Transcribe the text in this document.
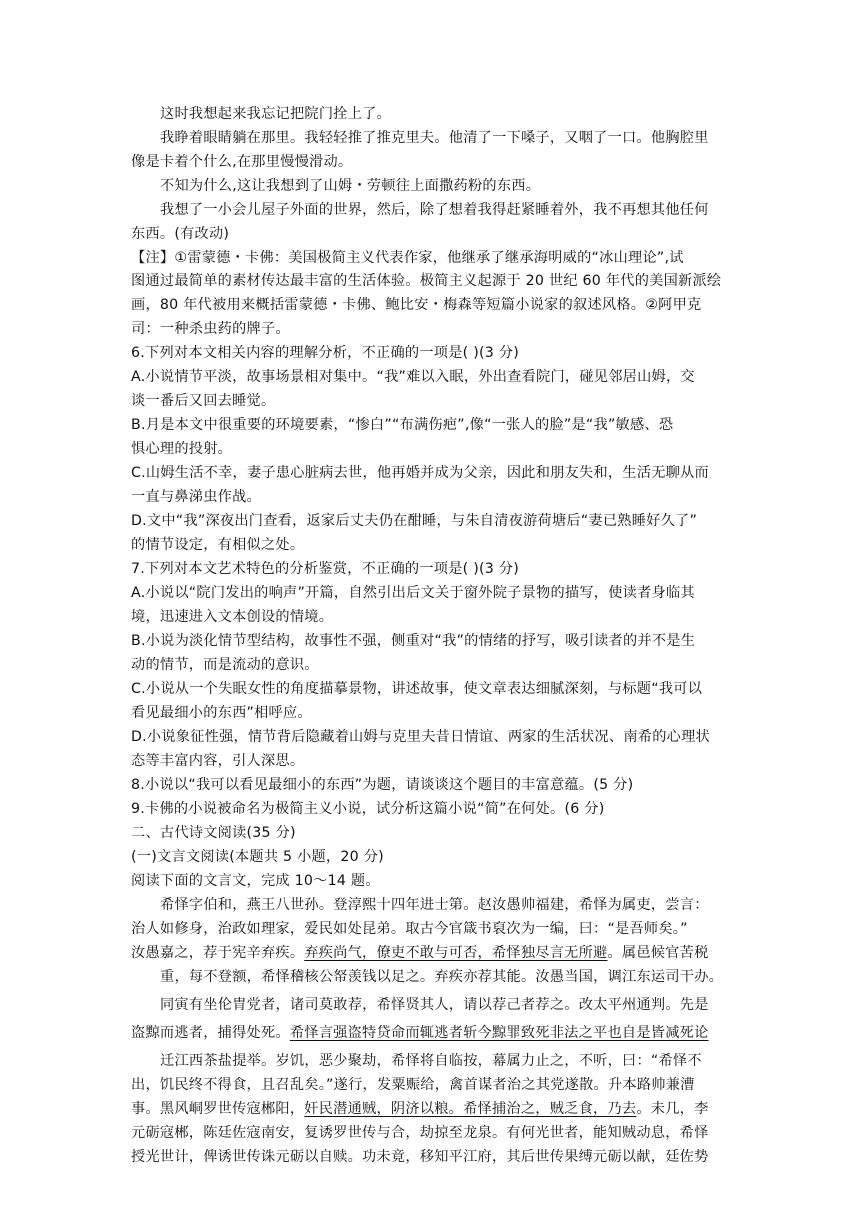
这时我想起来我忘记把院门拴上了。
我睁着眼睛躺在那里。我轻轻推了推克里夫。他清了一下嗓子，又咽了一口。他胸腔里
像是卡着个什么,在那里慢慢滑动。
不知为什么,这让我想到了山姆・劳顿往上面撒药粉的东西。
我想了一小会儿屋子外面的世界，然后，除了想着我得赶紧睡着外，我不再想其他任何
东西。(有改动)
【注】①雷蒙德・卡佛：美国极简主义代表作家，他继承了继承海明威的“冰山理论”,试
图通过最简单的素材传达最丰富的生活体验。极简主义起源于 20 世纪 60 年代的美国新派绘
画，80 年代被用来概括雷蒙德・卡佛、鲍比安・梅森等短篇小说家的叙述风格。②阿甲克
司：一种杀虫药的牌子。
6.下列对本文相关内容的理解分析，不正确的一项是( )(3 分)
A.小说情节平淡，故事场景相对集中。“我”难以入眠，外出查看院门，碰见邻居山姆，交
谈一番后又回去睡觉。
B.月是本文中很重要的环境要素，“惨白”“布满伤疤”,像“一张人的脸”是“我”敏感、恐
惧心理的投射。
C.山姆生活不幸，妻子患心脏病去世，他再婚并成为父亲，因此和朋友失和，生活无聊从而
一直与鼻涕虫作战。
D.文中“我”深夜出门查看，返家后丈夫仍在酣睡，与朱自清夜游荷塘后“妻已熟睡好久了”
的情节设定，有相似之处。
7.下列对本文艺术特色的分析鉴赏，不正确的一项是( )(3 分)
A.小说以“院门发出的响声”开篇，自然引出后文关于窗外院子景物的描写，使读者身临其
境，迅速进入文本创设的情境。
B.小说为淡化情节型结构，故事性不强，侧重对“我”的情绪的抒写，吸引读者的并不是生
动的情节，而是流动的意识。
C.小说从一个失眠女性的角度描摹景物，讲述故事，使文章表达细腻深刻，与标题“我可以
看见最细小的东西”相呼应。
D.小说象征性强，情节背后隐藏着山姆与克里夫昔日情谊、两家的生活状况、南希的心理状
态等丰富内容，引人深思。
8.小说以“我可以看见最细小的东西”为题，请谈谈这个题目的丰富意蕴。(5 分)
9.卡佛的小说被命名为极简主义小说，试分析这篇小说“简”在何处。(6 分)
二、古代诗文阅读(35 分)
(一)文言文阅读(本题共 5 小题，20 分)
阅读下面的文言文，完成 10～14 题。
希怿字伯和，燕王八世孙。登淳熙十四年进士第。赵汝愚帅福建，希怿为属吏，尝言：
治人如修身，治政如理家，爱民如处昆弟。取古今官箴书裒次为一编，曰：“是吾师矣。”
汝愚嘉之，荐于宪辛弃疾。弃疾尚气，僚吏不敢与可否，希怿独尽言无所避。属邑候官苦税
重，每不登额，希怿稽核公帑羡钱以足之。弃疾亦荐其能。汝愚当国，调江东运司干办。
同寅有坐伦胄党者，诸司莫敢荐，希怿贤其人，请以荐己者荐之。改太平州通判。先是
盗黥而逃者，捕得处死。希怿言强盗特贷命而辄逃者斩今黥罪致死非法之平也自是皆减死论
迁江西茶盐提举。岁饥，恶少聚劫，希怿将自临按，幕属力止之，不听，曰：“希怿不
出，饥民终不得食，且召乱矣。”遂行，发粟赈给，禽首谋者治之其党遂散。升本路帅兼漕
事。黑风峒罗世传寇郴阳，奸民潜通贼，阴济以粮。希怿捕治之，贼乏食，乃去。未几，李
元砺寇郴，陈廷佐寇南安，复诱罗世传与合，劫掠至龙泉。有何光世者，能知贼动息，希怿
授光世计，俾诱世传诛元砺以自赎。功未竟，移知平江府，其后世传果缚元砺以献，廷佐势
